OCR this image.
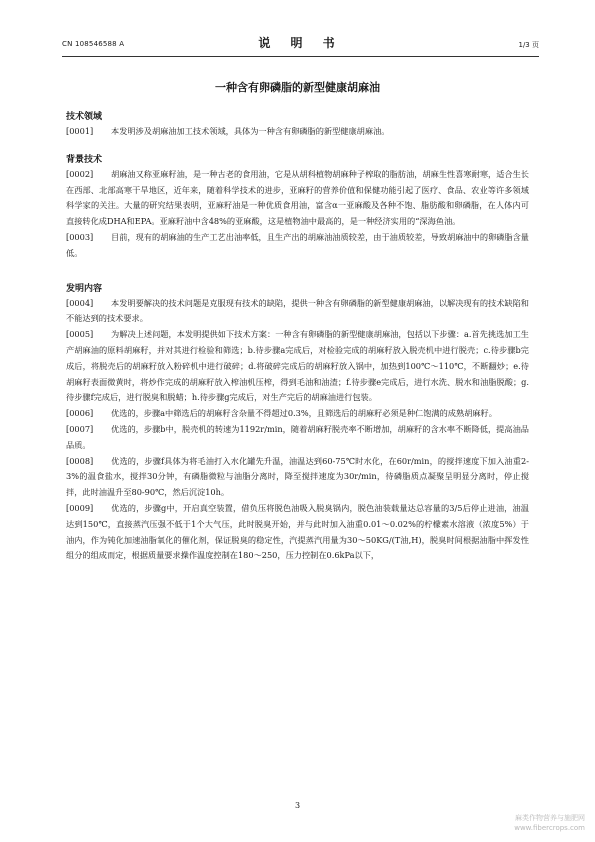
CN 108546588 A	说 明 书	1/3 页
一种含有卵磷脂的新型健康胡麻油

技术领域

[0001] 本发明涉及胡麻油加工技术领域，具体为一种含有卵磷脂的新型健康胡麻油。

背景技术

[0002] 胡麻油又称亚麻籽油，是一种古老的食用油，它是从胡科植物胡麻种子榨取的脂肪油，胡麻生性喜寒耐寒，适合生长在西部、北部高寒干旱地区，近年来，随着科学技术的进步，亚麻籽的营养价值和保健功能引起了医疗、食品、农业等许多领域科学家的关注。大量的研究结果表明，亚麻籽油是一种优质食用油，富含α一亚麻酸及各种不饱、脂肪酸和卵磷脂，在人体内可直接转化成DHA和EPA。亚麻籽油中含48%的亚麻酸，这是植物油中最高的，是一种经济实用的“深海鱼油。

[0003] 目前，现有的胡麻油的生产工艺出油率低，且生产出的胡麻油油质较差，由于油质较差，导致胡麻油中的卵磷脂含量低。

发明内容

[0004] 本发明要解决的技术问题是克服现有技术的缺陷，提供一种含有卵磷脂的新型健康胡麻油，以解决现有的技术缺陷和不能达到的技术要求。

[0005] 为解决上述问题，本发明提供如下技术方案：一种含有卵磷脂的新型健康胡麻油，包括以下步骤：a.首先挑选加工生产胡麻油的原料胡麻籽，并对其进行检验和筛选；b.待步骤a完成后，对检验完成的胡麻籽放入脱壳机中进行脱壳；c.待步骤b完成后，将脱壳后的胡麻籽放入粉碎机中进行破碎；d.将破碎完成后的胡麻籽放入锅中，加热到100℃～110℃，不断翻炒；e.待胡麻籽表面微黄时，将炒作完成的胡麻籽放入榨油机压榨，得到毛油和油渣；f.待步骤e完成后，进行水洗、脱水和油脂脱酸；g.待步骤f完成后，进行脱臭和脱蜡；h.待步骤g完成后，对生产完后的胡麻油进行包装。

[0006] 优选的，步骤a中筛选后的胡麻籽含杂量不得超过0.3%，且筛选后的胡麻籽必须是种仁饱满的成熟胡麻籽。

[0007] 优选的，步骤b中，脱壳机的转速为1192r/min，随着胡麻籽脱壳率不断增加，胡麻籽的含水率不断降低，提高油品品质。

[0008] 优选的，步骤f具体为将毛油打入水化罐先升温，油温达到60-75℃时水化，在60r/min，的搅拌速度下加入油重2-3%的温食盐水，搅拌30分钟，有磷脂微粒与油脂分离时，降至搅拌速度为30r/min，待磷脂质点凝聚呈明显分离时，停止搅拌，此时油温升至80-90℃，然后沉淀10h。

[0009] 优选的，步骤g中，开启真空装置，借负压将脱色油吸入脱臭锅内，脱色油装载量达总容量的3/5后停止进油，油温达到150℃，直接蒸汽压强不低于1个大气压，此时脱臭开始，并与此时加入油重0.01～0.02%的柠檬素水溶液（浓度5%）于油内，作为钝化加速油脂氧化的催化剂，保证脱臭的稳定性，汽提蒸汽用量为30～50KG/(T油,H)，脱臭时间根据油脂中挥发性组分的组成而定，根据质量要求操作温度控制在180～250，压力控制在0.6kPa以下，

3
麻类作物营养与施肥网
www.fibercrops.com
